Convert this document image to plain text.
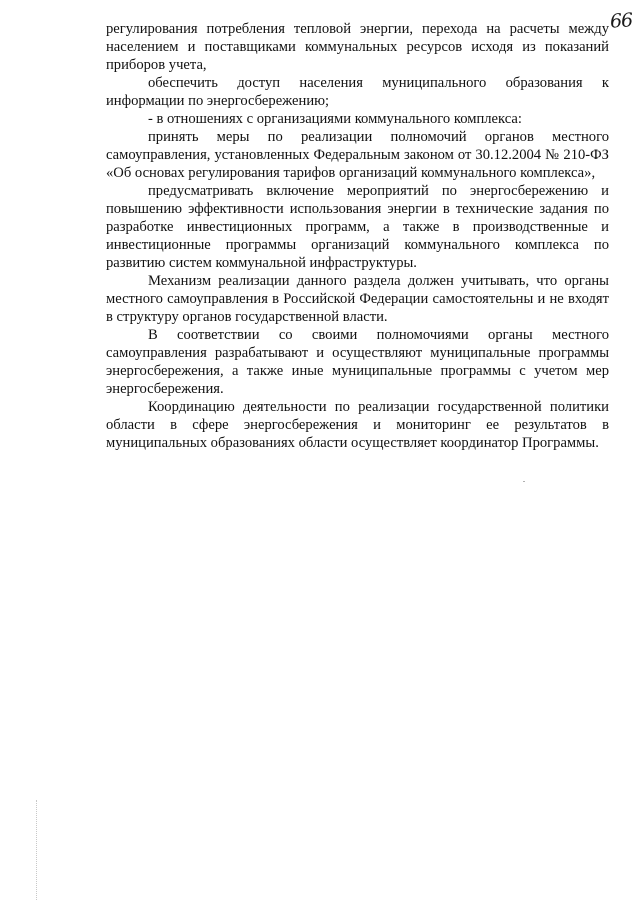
66

регулирования потребления тепловой энергии, перехода на расчеты между населением и поставщиками коммунальных ресурсов исходя из показаний приборов учета,

обеспечить доступ населения муниципального образования к информации по энергосбережению;

- в отношениях с организациями коммунального комплекса:

принять меры по реализации полномочий органов местного самоуправления, установленных Федеральным законом от 30.12.2004 № 210-ФЗ «Об основах регулирования тарифов организаций коммунального комплекса»,

предусматривать включение мероприятий по энергосбережению и повышению эффективности использования энергии в технические задания по разработке инвестиционных программ, а также в производственные и инвестиционные программы организаций коммунального комплекса по развитию систем коммунальной инфраструктуры.

Механизм реализации данного раздела должен учитывать, что органы местного самоуправления в Российской Федерации самостоятельны и не входят в структуру органов государственной власти.

В соответствии со своими полномочиями органы местного самоуправления разрабатывают и осуществляют муниципальные программы энергосбережения, а также иные муниципальные программы с учетом мер энергосбережения.

Координацию деятельности по реализации государственной политики области в сфере энергосбережения и мониторинг ее результатов в муниципальных образованиях области осуществляет координатор Программы.
